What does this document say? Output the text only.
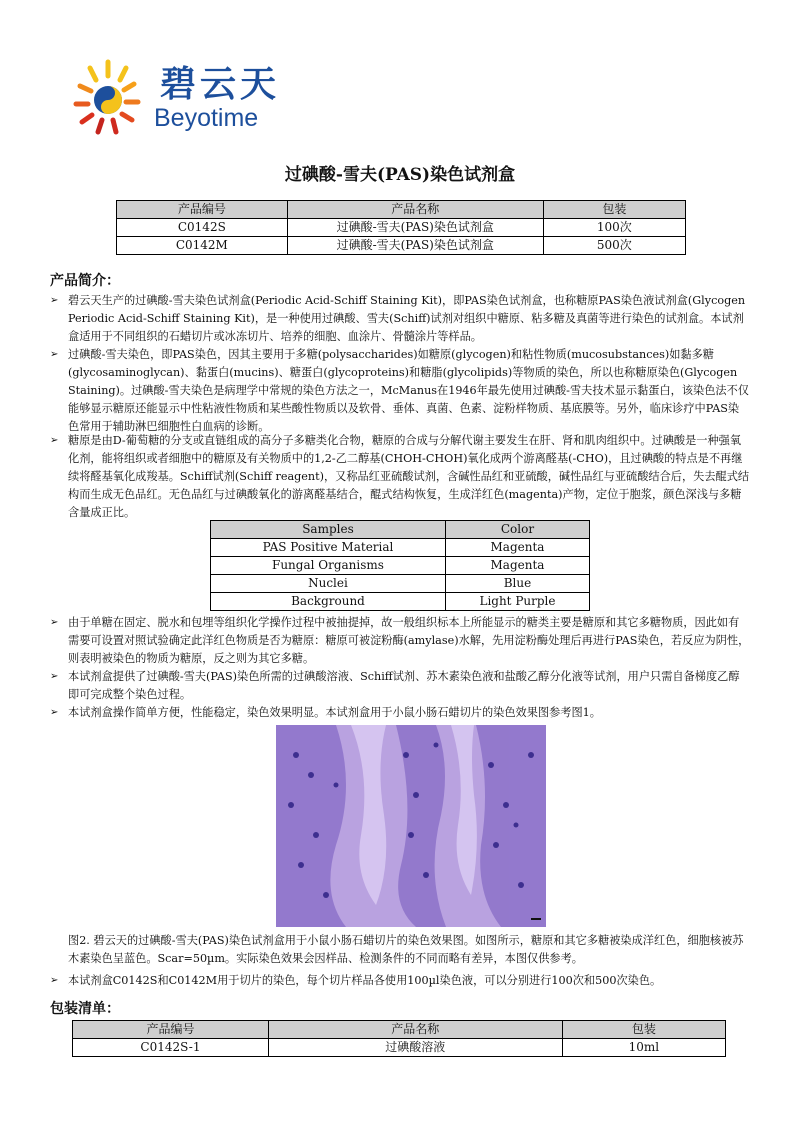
碧云天
Beyotime
过碘酸-雪夫(PAS)染色试剂盒
产品编号	产品名称	包装
C0142S	过碘酸-雪夫(PAS)染色试剂盒	100次
C0142M	过碘酸-雪夫(PAS)染色试剂盒	500次
产品简介：
➢ 碧云天生产的过碘酸-雪夫染色试剂盒(Periodic Acid-Schiff Staining Kit)，即PAS染色试剂盒，也称糖原PAS染色液试剂盒(Glycogen Periodic Acid-Schiff Staining Kit)，是一种使用过碘酸、雪夫(Schiff)试剂对组织中糖原、粘多糖及真菌等进行染色的试剂盒。本试剂盒适用于不同组织的石蜡切片或冰冻切片、培养的细胞、血涂片、骨髓涂片等样品。
➢ 过碘酸-雪夫染色，即PAS染色，因其主要用于多糖(polysaccharides)如糖原(glycogen)和粘性物质(mucosubstances)如黏多糖(glycosaminoglycan)、黏蛋白(mucins)、糖蛋白(glycoproteins)和糖脂(glycolipids)等物质的染色，所以也称糖原染色(Glycogen Staining)。过碘酸-雪夫染色是病理学中常规的染色方法之一，McManus在1946年最先使用过碘酸-雪夫技术显示黏蛋白，该染色法不仅能够显示糖原还能显示中性粘液性物质和某些酸性物质以及软骨、垂体、真菌、色素、淀粉样物质、基底膜等。另外，临床诊疗中PAS染色常用于辅助淋巴细胞性白血病的诊断。
➢ 糖原是由D-葡萄糖的分支或直链组成的高分子多糖类化合物，糖原的合成与分解代谢主要发生在肝、肾和肌肉组织中。过碘酸是一种强氧化剂，能将组织或者细胞中的糖原及有关物质中的1,2-乙二醇基(CHOH-CHOH)氧化成两个游离醛基(-CHO)，且过碘酸的特点是不再继续将醛基氧化成羧基。Schiff试剂(Schiff reagent)，又称品红亚硫酸试剂，含碱性品红和亚硫酸，碱性品红与亚硫酸结合后，失去醌式结构而生成无色品红。无色品红与过碘酸氧化的游离醛基结合，醌式结构恢复，生成洋红色(magenta)产物，定位于胞浆，颜色深浅与多糖含量成正比。
Samples	Color
PAS Positive Material	Magenta
Fungal Organisms	Magenta
Nuclei	Blue
Background	Light Purple
➢ 由于单糖在固定、脱水和包埋等组织化学操作过程中被抽提掉，故一般组织标本上所能显示的糖类主要是糖原和其它多糖物质，因此如有需要可设置对照试验确定此洋红色物质是否为糖原：糖原可被淀粉酶(amylase)水解，先用淀粉酶处理后再进行PAS染色，若反应为阴性，则表明被染色的物质为糖原，反之则为其它多糖。
➢ 本试剂盒提供了过碘酸-雪夫(PAS)染色所需的过碘酸溶液、Schiff试剂、苏木素染色液和盐酸乙醇分化液等试剂，用户只需自备梯度乙醇即可完成整个染色过程。
➢ 本试剂盒操作简单方便，性能稳定，染色效果明显。本试剂盒用于小鼠小肠石蜡切片的染色效果图参考图1。
图2. 碧云天的过碘酸-雪夫(PAS)染色试剂盒用于小鼠小肠石蜡切片的染色效果图。如图所示，糖原和其它多糖被染成洋红色，细胞核被苏木素染色呈蓝色。Scar=50µm。实际染色效果会因样品、检测条件的不同而略有差异，本图仅供参考。
➢ 本试剂盒C0142S和C0142M用于切片的染色，每个切片样品各使用100µl染色液，可以分别进行100次和500次染色。
包装清单：
产品编号	产品名称	包装
C0142S-1	过碘酸溶液	10ml
